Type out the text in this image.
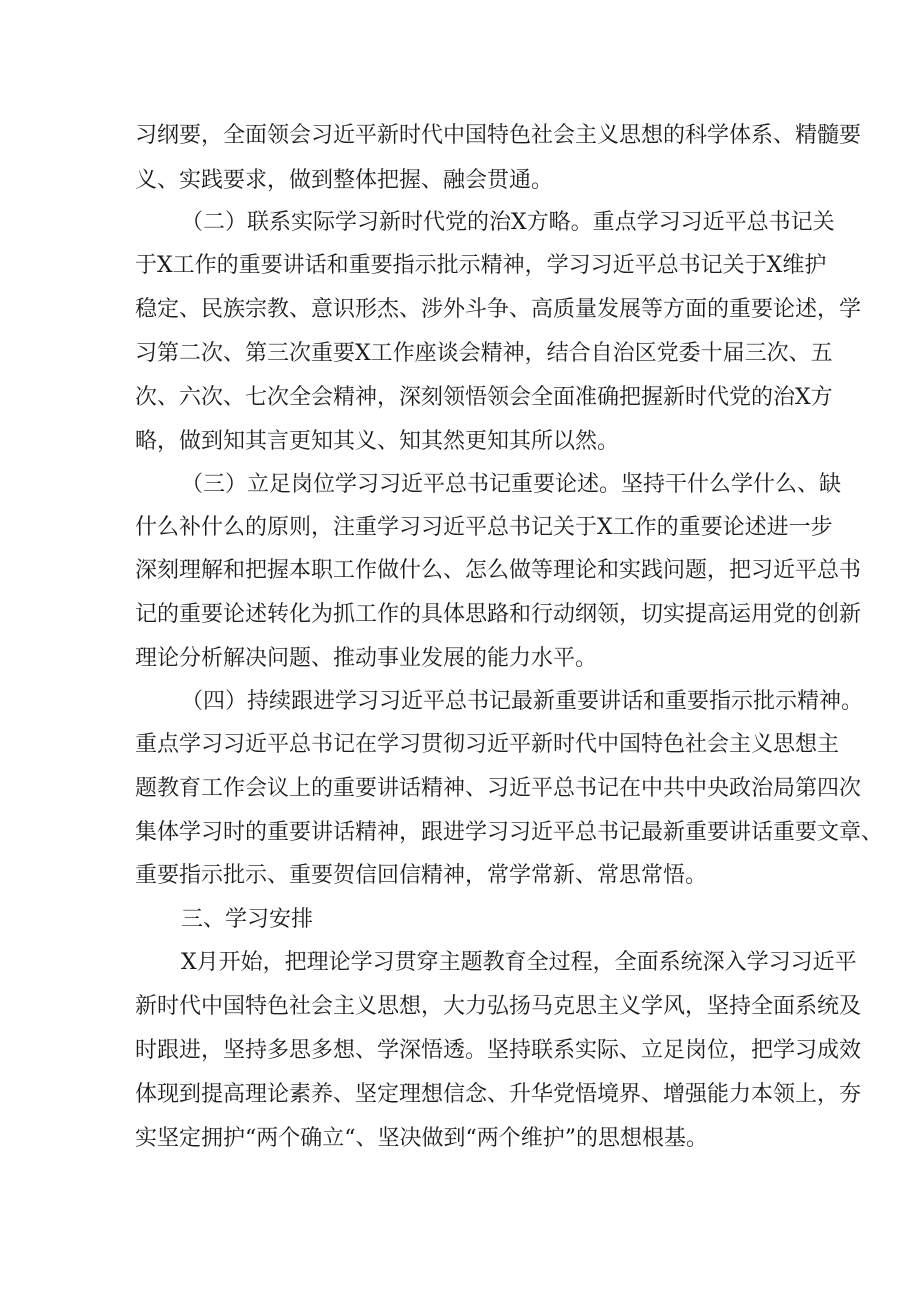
习纲要，全面领会习近平新时代中国特色社会主义思想的科学体系、精髓要
义、实践要求，做到整体把握、融会贯通。
（二）联系实际学习新时代党的治X方略。重点学习习近平总书记关
于X工作的重要讲话和重要指示批示精神，学习习近平总书记关于X维护
稳定、民族宗教、意识形杰、涉外斗争、高质量发展等方面的重要论述，学
习第二次、第三次重要X工作座谈会精神，结合自治区党委十届三次、五
次、六次、七次全会精神，深刻领悟领会全面准确把握新时代党的治X方
略，做到知其言更知其义、知其然更知其所以然。
（三）立足岗位学习习近平总书记重要论述。坚持干什么学什么、缺
什么补什么的原则，注重学习习近平总书记关于X工作的重要论述进一步
深刻理解和把握本职工作做什么、怎么做等理论和实践问题，把习近平总书
记的重要论述转化为抓工作的具体思路和行动纲领，切实提高运用党的创新
理论分析解决问题、推动事业发展的能力水平。
（四）持续跟进学习习近平总书记最新重要讲话和重要指示批示精神。
重点学习习近平总书记在学习贯彻习近平新时代中国特色社会主义思想主
题教育工作会议上的重要讲话精神、习近平总书记在中共中央政治局第四次
集体学习时的重要讲话精神，跟进学习习近平总书记最新重要讲话重要文章、
重要指示批示、重要贺信回信精神，常学常新、常思常悟。
三、学习安排
X月开始，把理论学习贯穿主题教育全过程，全面系统深入学习习近平
新时代中国特色社会主义思想，大力弘扬马克思主义学风，坚持全面系统及
时跟进，坚持多思多想、学深悟透。坚持联系实际、立足岗位，把学习成效
体现到提高理论素养、坚定理想信念、升华党悟境界、增强能力本领上，夯
实坚定拥护“两个确立“、坚决做到“两个维护”的思想根基。
